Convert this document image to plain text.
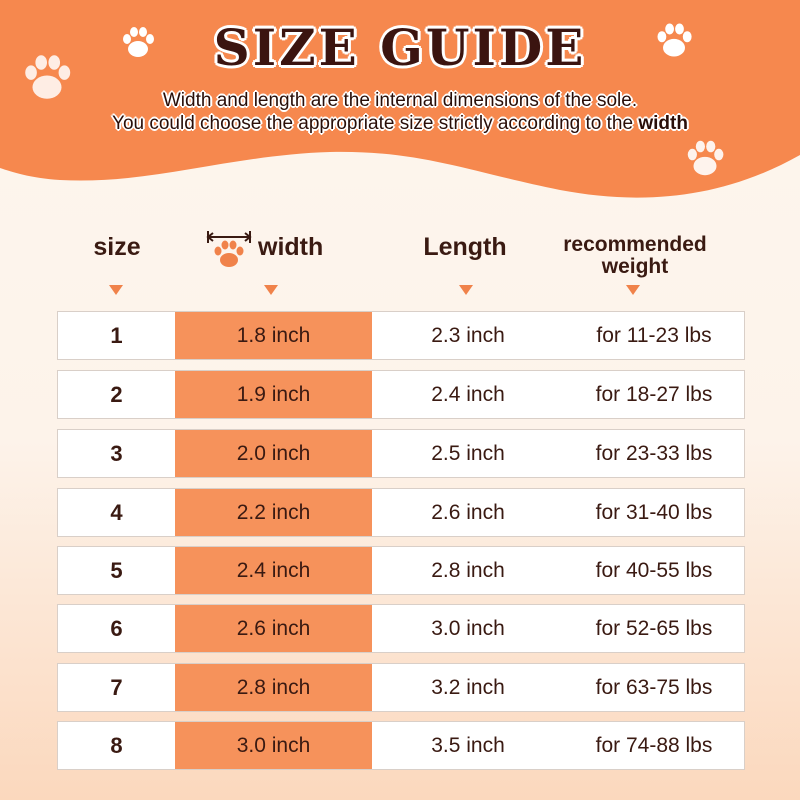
SIZE GUIDE
Width and length are the internal dimensions of the sole.
You could choose the appropriate size strictly according to the width
size	width	Length	recommended
weight
1	1.8 inch	2.3 inch	for 11-23 lbs
2	1.9 inch	2.4 inch	for 18-27 lbs
3	2.0 inch	2.5 inch	for 23-33 lbs
4	2.2 inch	2.6 inch	for 31-40 lbs
5	2.4 inch	2.8 inch	for 40-55 lbs
6	2.6 inch	3.0 inch	for 52-65 lbs
7	2.8 inch	3.2 inch	for 63-75 lbs
8	3.0 inch	3.5 inch	for 74-88 lbs
